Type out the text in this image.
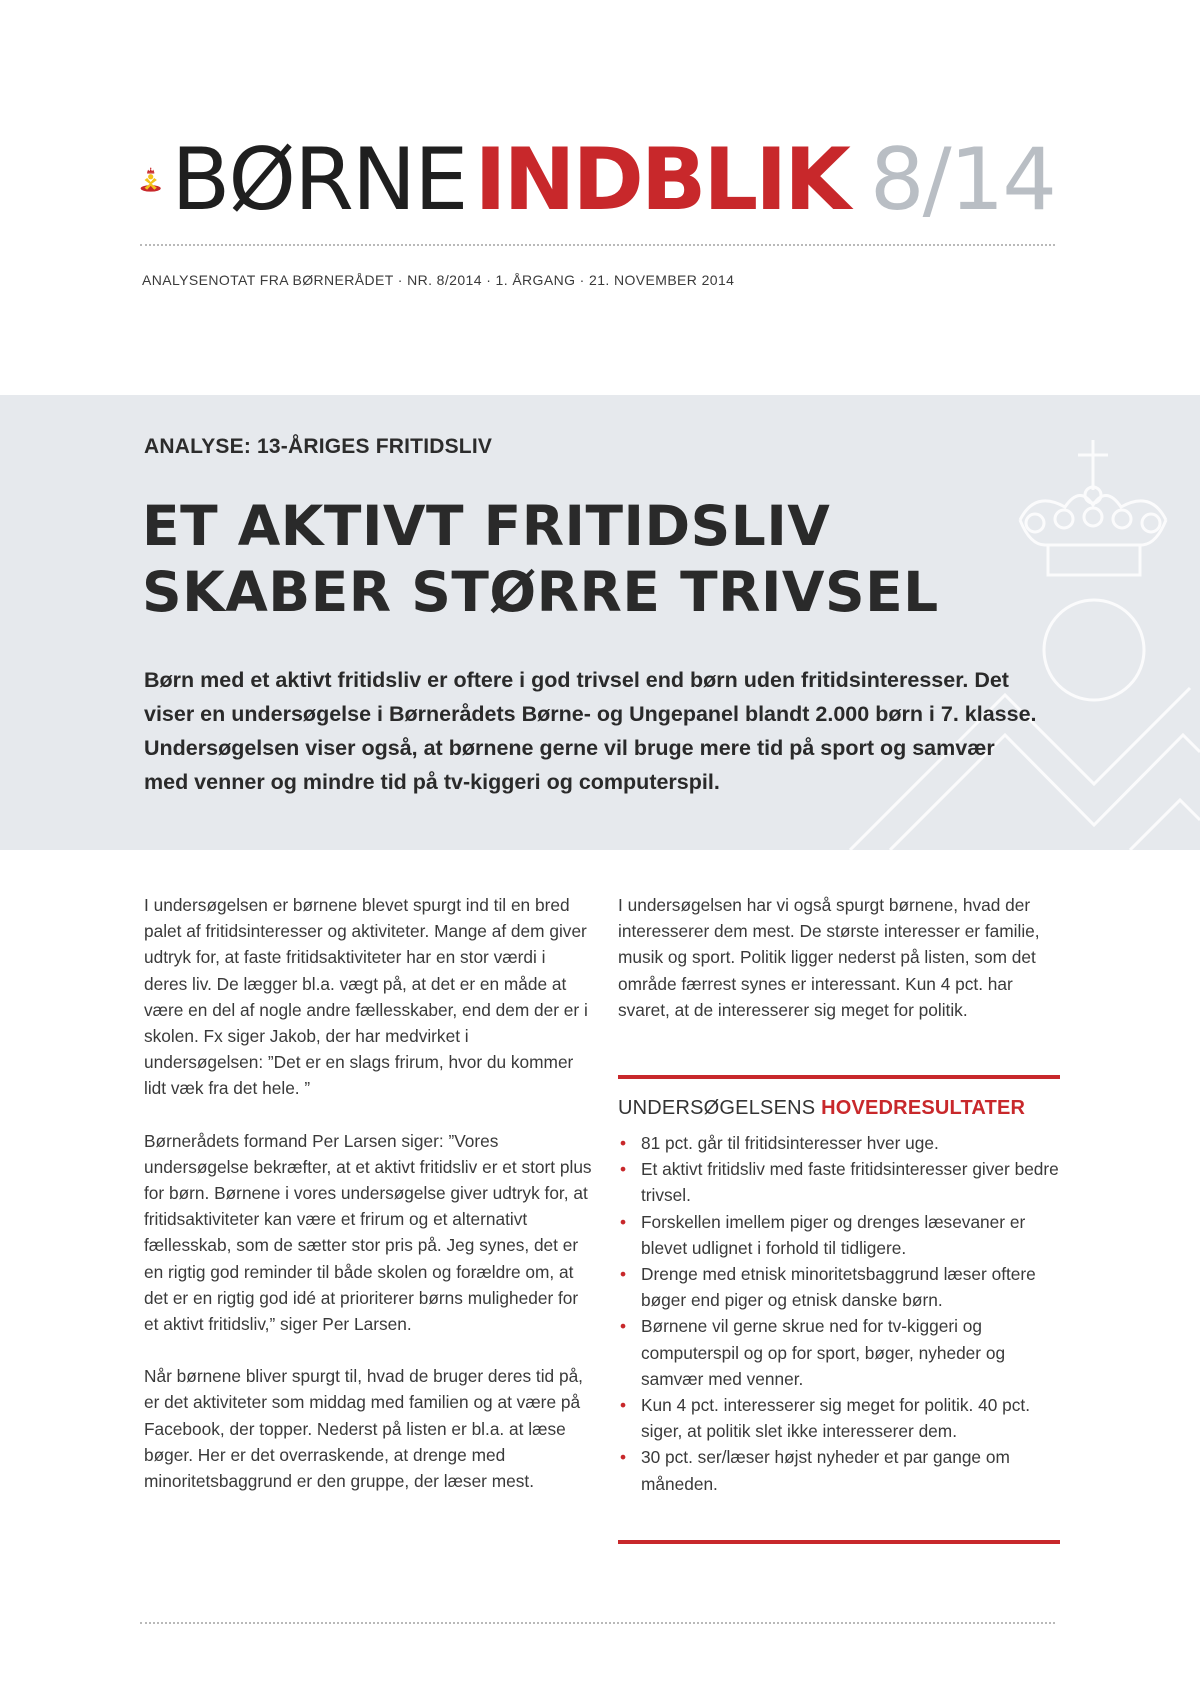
BØRNE INDBLIK 8/14
ANALYSENOTAT FRA BØRNERÅDET · NR. 8/2014 · 1. ÅRGANG · 21. NOVEMBER 2014
ANALYSE: 13-ÅRIGES FRITIDSLIV
ET AKTIVT FRITIDSLIV
SKABER STØRRE TRIVSEL

Børn med et aktivt fritidsliv er oftere i god trivsel end børn uden fritidsinteresser. Det viser en undersøgelse i Børnerådets Børne- og Ungepanel blandt 2.000 børn i 7. klasse. Undersøgelsen viser også, at børnene gerne vil bruge mere tid på sport og samvær med venner og mindre tid på tv-kiggeri og computerspil.

I undersøgelsen er børnene blevet spurgt ind til en bred palet af fritidsinteresser og aktiviteter. Mange af dem giver udtryk for, at faste fritidsaktiviteter har en stor værdi i deres liv. De lægger bl.a. vægt på, at det er en måde at være en del af nogle andre fællesskaber, end dem der er i skolen. Fx siger Jakob, der har medvirket i undersøgelsen: ”Det er en slags frirum, hvor du kommer lidt væk fra det hele. ”

Børnerådets formand Per Larsen siger: ”Vores undersøgelse bekræfter, at et aktivt fritidsliv er et stort plus for børn. Børnene i vores undersøgelse giver udtryk for, at fritidsaktiviteter kan være et frirum og et alternativt fællesskab, som de sætter stor pris på. Jeg synes, det er en rigtig god reminder til både skolen og forældre om, at det er en rigtig god idé at prioriterer børns muligheder for et aktivt fritidsliv,” siger Per Larsen.

Når børnene bliver spurgt til, hvad de bruger deres tid på, er det aktiviteter som middag med familien og at være på Facebook, der topper. Nederst på listen er bl.a. at læse bøger. Her er det overraskende, at drenge med minoritetsbaggrund er den gruppe, der læser mest.

I undersøgelsen har vi også spurgt børnene, hvad der interesserer dem mest. De største interesser er familie, musik og sport. Politik ligger nederst på listen, som det område færrest synes er interessant. Kun 4 pct. har svaret, at de interesserer sig meget for politik.

UNDERSØGELSENS HOVEDRESULTATER
• 81 pct. går til fritidsinteresser hver uge.
• Et aktivt fritidsliv med faste fritidsinteresser giver bedre trivsel.
• Forskellen imellem piger og drenges læsevaner er blevet udlignet i forhold til tidligere.
• Drenge med etnisk minoritetsbaggrund læser oftere bøger end piger og etnisk danske børn.
• Børnene vil gerne skrue ned for tv-kiggeri og computerspil og op for sport, bøger, nyheder og samvær med venner.
• Kun 4 pct. interesserer sig meget for politik. 40 pct. siger, at politik slet ikke interesserer dem.
• 30 pct. ser/læser højst nyheder et par gange om måneden.
